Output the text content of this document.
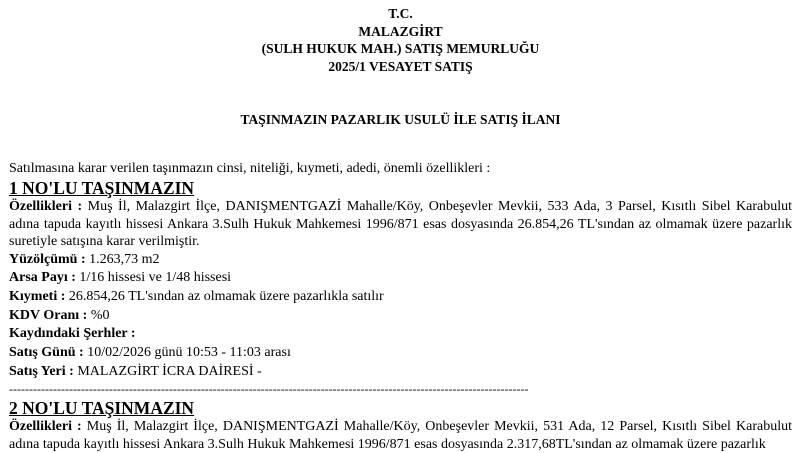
T.C.
MALAZGİRT
(SULH HUKUK MAH.) SATIŞ MEMURLUĞU
2025/1 VESAYET SATIŞ
TAŞINMAZIN PAZARLIK USULÜ İLE SATIŞ İLANI
Satılmasına karar verilen taşınmazın cinsi, niteliği, kıymeti, adedi, önemli özellikleri :
1 NO'LU TAŞINMAZIN
Özellikleri : Muş İl, Malazgirt İlçe, DANIŞMENTGAZİ Mahalle/Köy, Onbeşevler Mevkii, 533 Ada, 3 Parsel, Kısıtlı Sibel Karabulut adına tapuda kayıtlı hissesi Ankara 3.Sulh Hukuk Mahkemesi 1996/871 esas dosyasında 26.854,26 TL'sından az olmamak üzere pazarlık suretiyle satışına karar verilmiştir.
Yüzölçümü : 1.263,73 m2
Arsa Payı : 1/16 hissesi ve 1/48 hissesi
Kıymeti : 26.854,26 TL'sından az olmamak üzere pazarlıkla satılır
KDV Oranı : %0
Kaydındaki Şerhler :
Satış Günü : 10/02/2026 günü 10:53 - 11:03 arası
Satış Yeri : MALAZGİRT İCRA DAİRESİ -
----------------------------------------------------------------------------------------------------------------------------------
2 NO'LU TAŞINMAZIN
Özellikleri : Muş İl, Malazgirt İlçe, DANIŞMENTGAZİ Mahalle/Köy, Onbeşevler Mevkii, 531 Ada, 12 Parsel, Kısıtlı Sibel Karabulut adına tapuda kayıtlı hissesi Ankara 3.Sulh Hukuk Mahkemesi 1996/871 esas dosyasında 2.317,68TL'sından az olmamak üzere pazarlık
